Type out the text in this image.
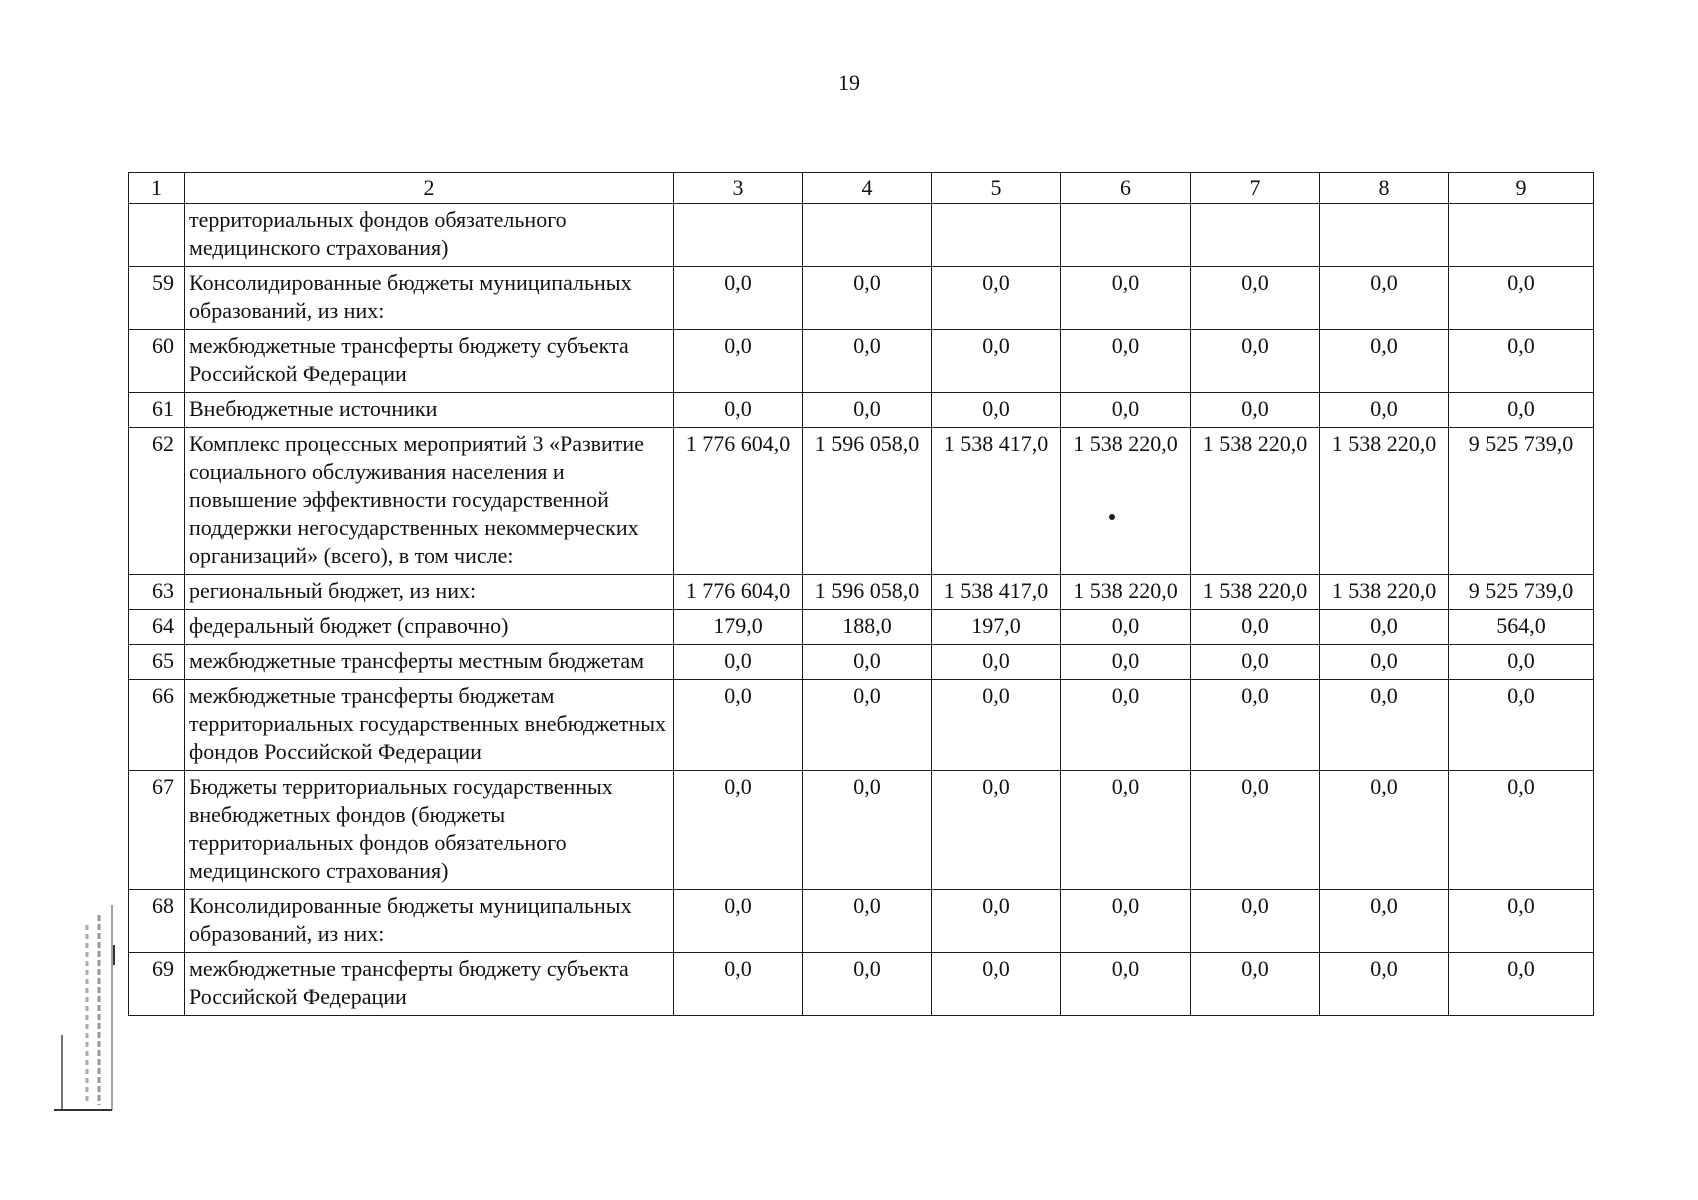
19
1	2	3	4	5	6	7	8	9
	территориальных фондов обязательного медицинского страхования)							
59	Консолидированные бюджеты муниципальных образований, из них:	0,0	0,0	0,0	0,0	0,0	0,0	0,0
60	межбюджетные трансферты бюджету субъекта Российской Федерации	0,0	0,0	0,0	0,0	0,0	0,0	0,0
61	Внебюджетные источники	0,0	0,0	0,0	0,0	0,0	0,0	0,0
62	Комплекс процессных мероприятий 3 «Развитие социального обслуживания населения и повышение эффективности государственной поддержки негосударственных некоммерческих организаций» (всего), в том числе:	1 776 604,0	1 596 058,0	1 538 417,0	1 538 220,0	1 538 220,0	1 538 220,0	9 525 739,0
63	региональный бюджет, из них:	1 776 604,0	1 596 058,0	1 538 417,0	1 538 220,0	1 538 220,0	1 538 220,0	9 525 739,0
64	федеральный бюджет (справочно)	179,0	188,0	197,0	0,0	0,0	0,0	564,0
65	межбюджетные трансферты местным бюджетам	0,0	0,0	0,0	0,0	0,0	0,0	0,0
66	межбюджетные трансферты бюджетам территориальных государственных внебюджетных фондов Российской Федерации	0,0	0,0	0,0	0,0	0,0	0,0	0,0
67	Бюджеты территориальных государственных внебюджетных фондов (бюджеты территориальных фондов обязательного медицинского страхования)	0,0	0,0	0,0	0,0	0,0	0,0	0,0
68	Консолидированные бюджеты муниципальных образований, из них:	0,0	0,0	0,0	0,0	0,0	0,0	0,0
69	межбюджетные трансферты бюджету субъекта Российской Федерации	0,0	0,0	0,0	0,0	0,0	0,0	0,0
